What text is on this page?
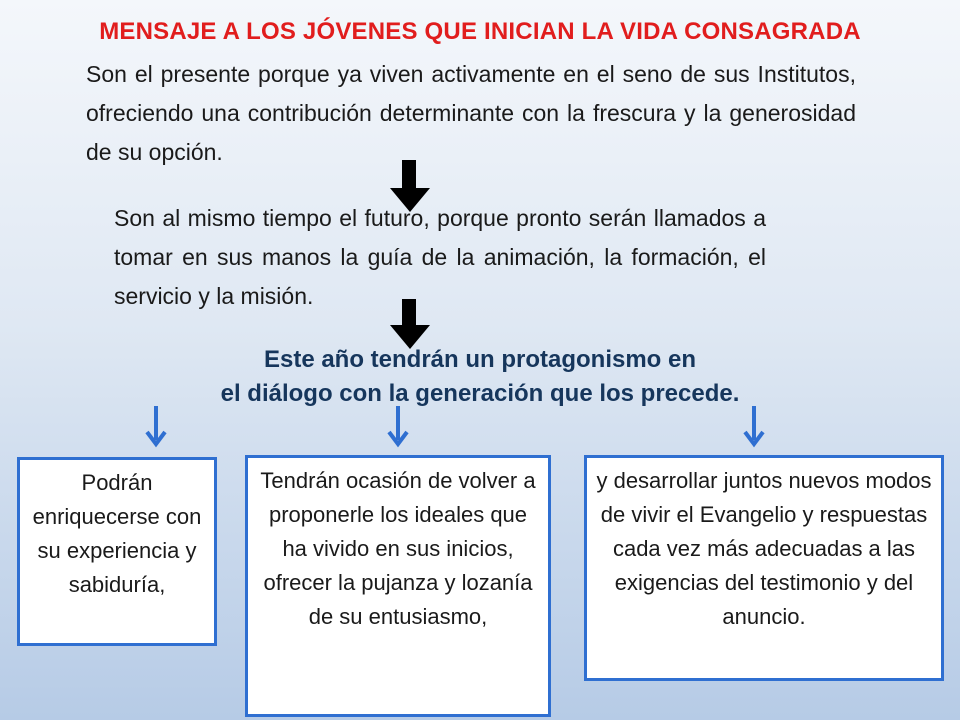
MENSAJE A LOS JÓVENES QUE INICIAN LA VIDA CONSAGRADA
Son el presente porque ya viven activamente en el seno de sus Institutos, ofreciendo una contribución determinante con la frescura y la generosidad de su opción.
Son al mismo tiempo el futuro, porque pronto serán llamados a tomar en sus manos la guía de la animación, la formación, el servicio y la misión.
Este año tendrán un protagonismo en
el diálogo con la generación que los precede.
Podrán enriquecerse con su experiencia y sabiduría,
Tendrán ocasión de volver a proponerle los ideales que ha vivido en sus inicios, ofrecer la pujanza y lozanía de su entusiasmo,
y desarrollar juntos nuevos modos de vivir el Evangelio y respuestas cada vez más adecuadas a las exigencias del testimonio y del anuncio.
